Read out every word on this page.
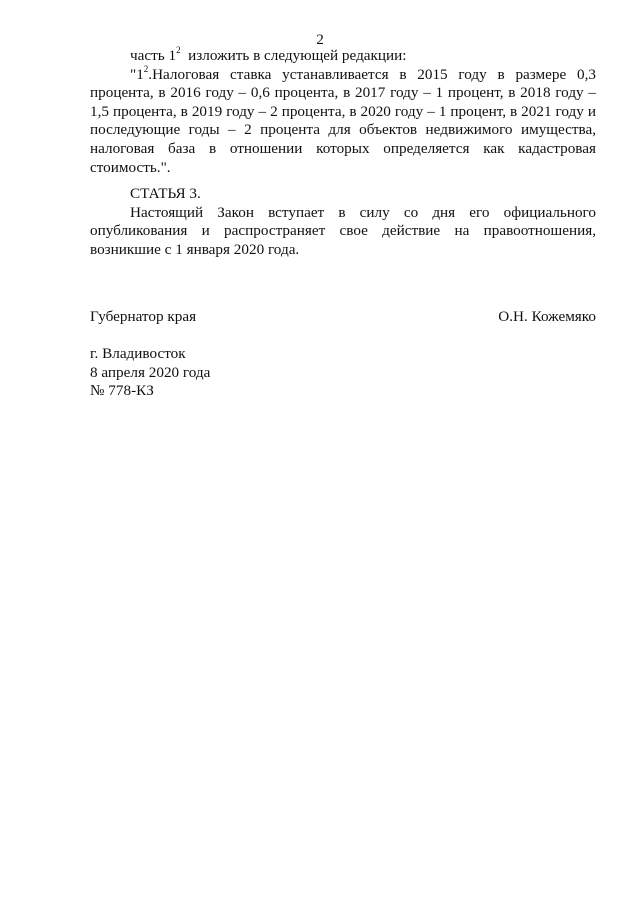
2

часть $1^2$  изложить в следующей редакции:

"$1^2.Налоговая$ ставка устанавливается в 2015 году в размере 0,3 процента, в 2016 году – 0,6 процента, в 2017 году – 1 процент, в 2018 году – 1,5 процента, в 2019 году – 2 процента, в 2020 году – 1 процент, в 2021 году и последующие годы – 2 процента для объектов недвижимого имущества, налоговая база в отношении которых определяется как кадастровая стоимость.".

СТАТЬЯ 3.

Настоящий Закон вступает в силу со дня его официального опубликования и распространяет свое действие на правоотношения, возникшие с 1 января 2020 года.

Губернатор края	О.Н. Кожемяко
г. Владивосток
8 апреля 2020 года
№ 778-КЗ
